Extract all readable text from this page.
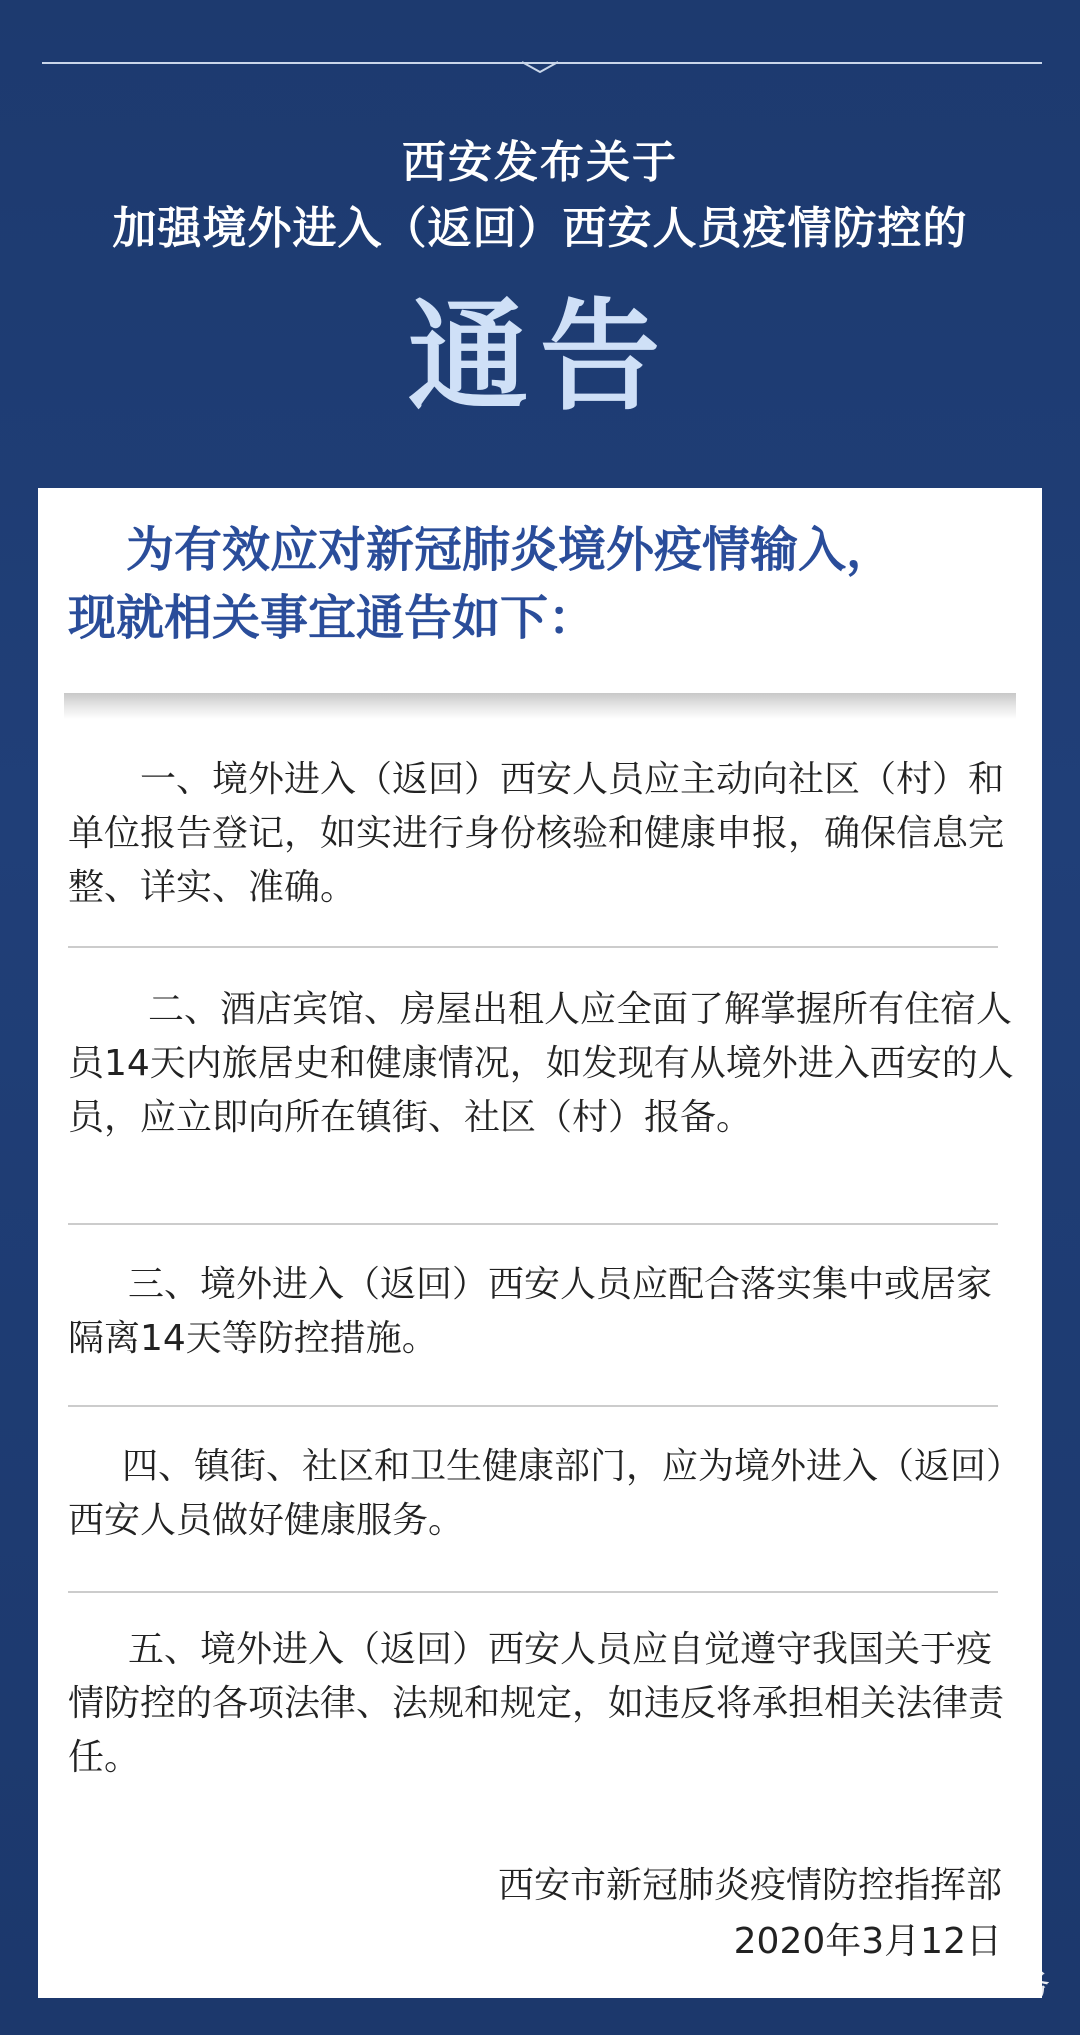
西安发布关于
加强境外进入（返回）西安人员疫情防控的
通告
为有效应对新冠肺炎境外疫情输入，
现就相关事宜通告如下：
一、境外进入（返回）西安人员应主动向社区（村）和单位报告登记，如实进行身份核验和健康申报，确保信息完整、详实、准确。
二、酒店宾馆、房屋出租人应全面了解掌握所有住宿人员14天内旅居史和健康情况，如发现有从境外进入西安的人员，应立即向所在镇街、社区（村）报备。
三、境外进入（返回）西安人员应配合落实集中或居家隔离14天等防控措施。
四、镇街、社区和卫生健康部门，应为境外进入（返回）西安人员做好健康服务。
五、境外进入（返回）西安人员应自觉遵守我国关于疫情防控的各项法律、法规和规定，如违反将承担相关法律责任。
西安市新冠肺炎疫情防控指挥部
2020年3月12日
陕西电子服务
